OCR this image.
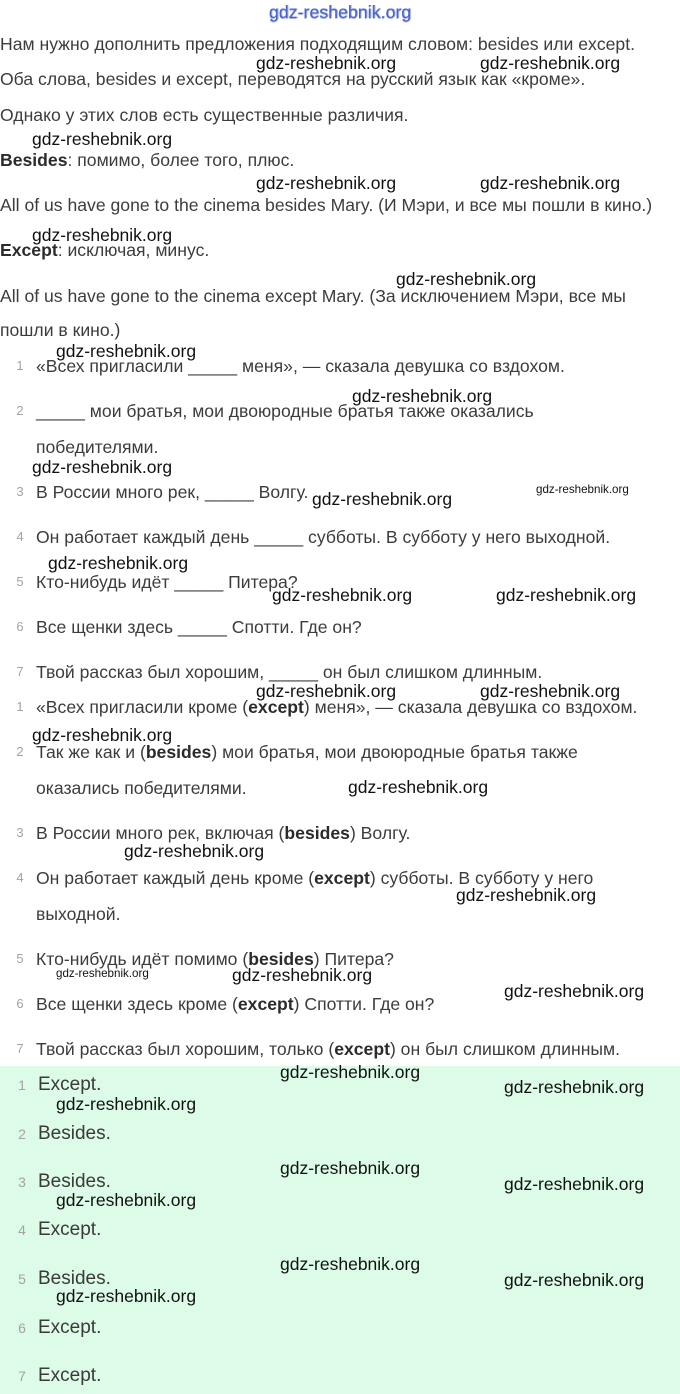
gdz-reshebnik.org
Нам нужно дополнить предложения подходящим словом: besides или except.
Оба слова, besides и except, переводятся на русский язык как «кроме».
Однако у этих слов есть существенные различия.
Besides: помимо, более того, плюс.
All of us have gone to the cinema besides Mary. (И Мэри, и все мы пошли в кино.)
Except: исключая, минус.
All of us have gone to the cinema except Mary. (За исключением Мэри, все мы
пошли в кино.)
1 «Всех пригласили _____ меня», — сказала девушка со вздохом.
2 _____ мои братья, мои двоюродные братья также оказались
победителями.
3 В России много рек, _____ Волгу.
4 Он работает каждый день _____ субботы. В субботу у него выходной.
5 Кто-нибудь идёт _____ Питера?
6 Все щенки здесь _____ Спотти. Где он?
7 Твой рассказ был хорошим, _____ он был слишком длинным.
1 «Всех пригласили кроме (except) меня», — сказала девушка со вздохом.
2 Так же как и (besides) мои братья, мои двоюродные братья также
оказались победителями.
3 В России много рек, включая (besides) Волгу.
4 Он работает каждый день кроме (except) субботы. В субботу у него
выходной.
5 Кто-нибудь идёт помимо (besides) Питера?
6 Все щенки здесь кроме (except) Спотти. Где он?
7 Твой рассказ был хорошим, только (except) он был слишком длинным.
1 Except.
2 Besides.
3 Besides.
4 Except.
5 Besides.
6 Except.
7 Except.
gdz-reshebnik.org	gdz-reshebnik.org
gdz-reshebnik.org
gdz-reshebnik.org	gdz-reshebnik.org
gdz-reshebnik.org
gdz-reshebnik.org
gdz-reshebnik.org
gdz-reshebnik.org
gdz-reshebnik.org
gdz-reshebnik.org	gdz-reshebnik.org
gdz-reshebnik.org
gdz-reshebnik.org	gdz-reshebnik.org
gdz-reshebnik.org	gdz-reshebnik.org
gdz-reshebnik.org
gdz-reshebnik.org
gdz-reshebnik.org
gdz-reshebnik.org
gdz-reshebnik.org	gdz-reshebnik.org
gdz-reshebnik.org
gdz-reshebnik.org
gdz-reshebnik.org
gdz-reshebnik.org
gdz-reshebnik.org
gdz-reshebnik.org
gdz-reshebnik.org
gdz-reshebnik.org
gdz-reshebnik.org
gdz-reshebnik.org
